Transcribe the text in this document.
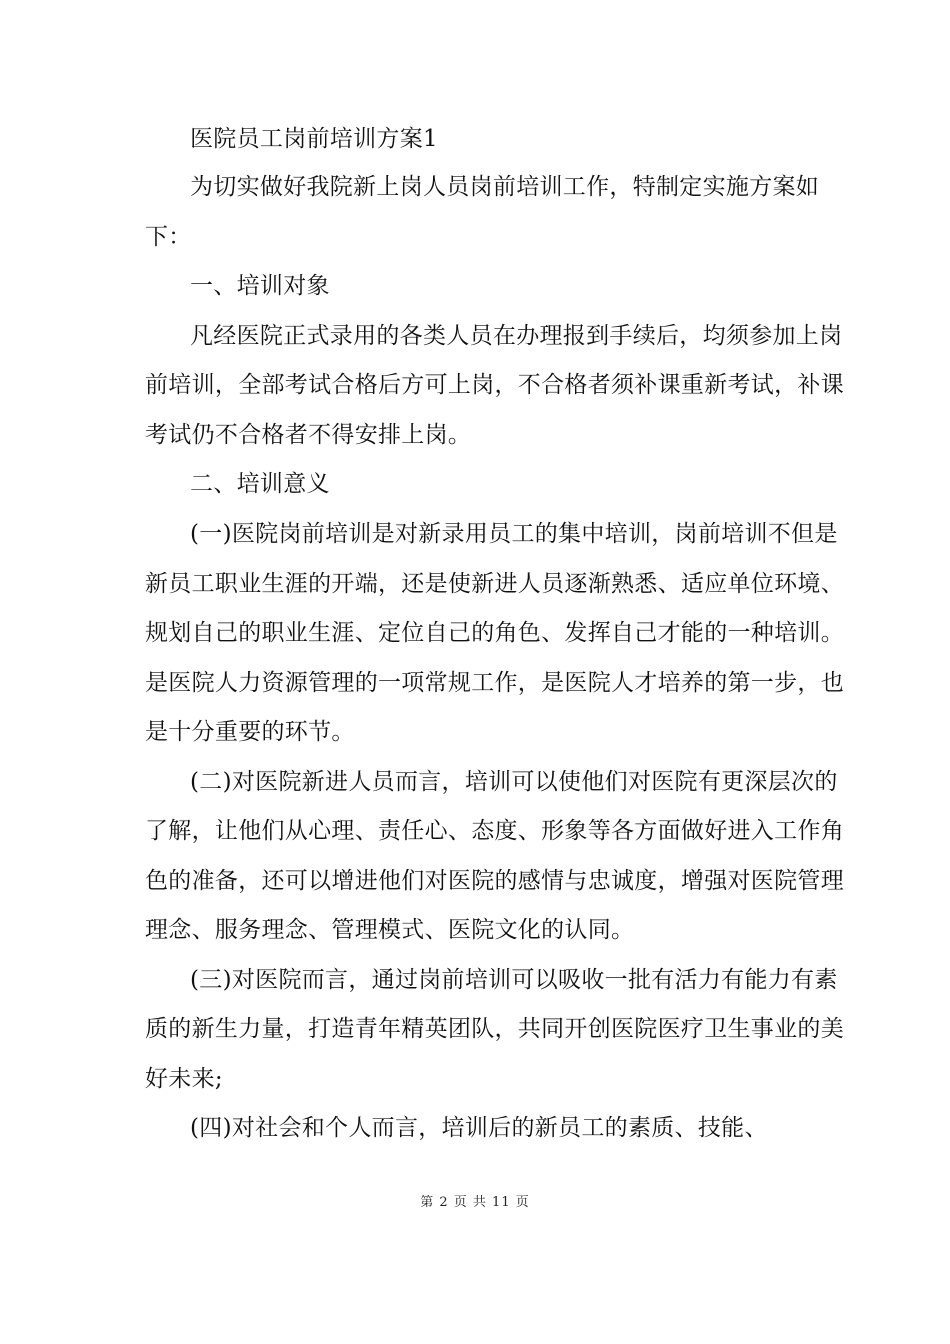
医院员工岗前培训方案1
为切实做好我院新上岗人员岗前培训工作，特制定实施方案如
下：
一、培训对象
凡经医院正式录用的各类人员在办理报到手续后，均须参加上岗
前培训，全部考试合格后方可上岗，不合格者须补课重新考试，补课
考试仍不合格者不得安排上岗。
二、培训意义
(一)医院岗前培训是对新录用员工的集中培训，岗前培训不但是
新员工职业生涯的开端，还是使新进人员逐渐熟悉、适应单位环境、
规划自己的职业生涯、定位自己的角色、发挥自己才能的一种培训。
是医院人力资源管理的一项常规工作，是医院人才培养的第一步，也
是十分重要的环节。
(二)对医院新进人员而言，培训可以使他们对医院有更深层次的
了解，让他们从心理、责任心、态度、形象等各方面做好进入工作角
色的准备，还可以增进他们对医院的感情与忠诚度，增强对医院管理
理念、服务理念、管理模式、医院文化的认同。
(三)对医院而言，通过岗前培训可以吸收一批有活力有能力有素
质的新生力量，打造青年精英团队，共同开创医院医疗卫生事业的美
好未来;
(四)对社会和个人而言，培训后的新员工的素质、技能、
第 2 页 共 11 页
